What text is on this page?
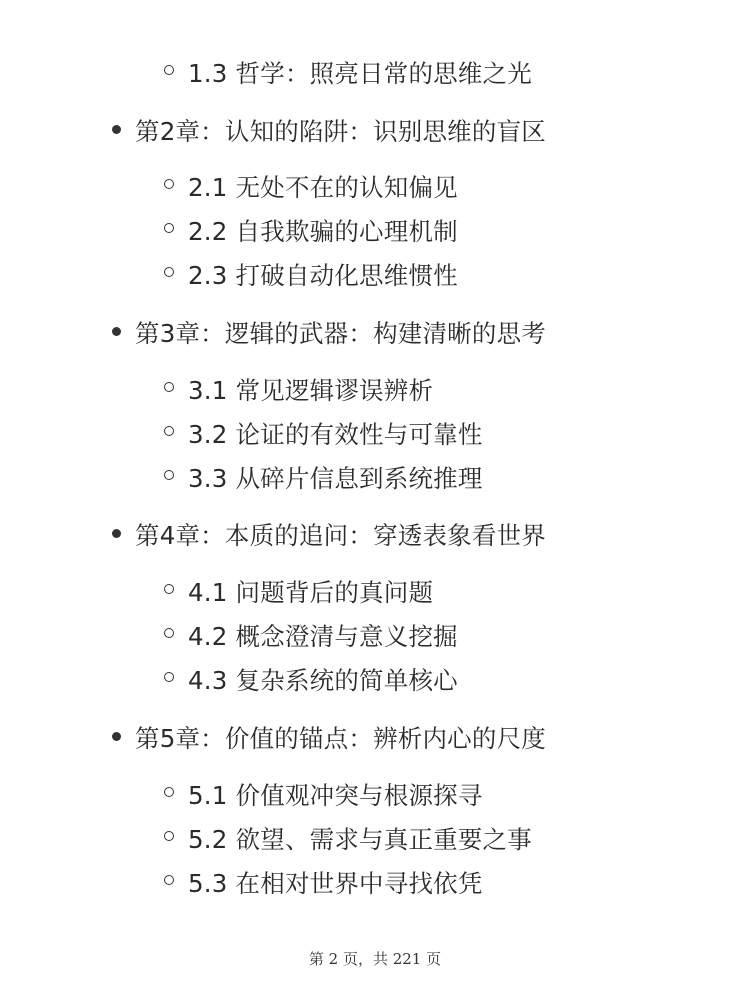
1.3 哲学：照亮日常的思维之光
第2章：认知的陷阱：识别思维的盲区
2.1 无处不在的认知偏见
2.2 自我欺骗的心理机制
2.3 打破自动化思维惯性
第3章：逻辑的武器：构建清晰的思考
3.1 常见逻辑谬误辨析
3.2 论证的有效性与可靠性
3.3 从碎片信息到系统推理
第4章：本质的追问：穿透表象看世界
4.1 问题背后的真问题
4.2 概念澄清与意义挖掘
4.3 复杂系统的简单核心
第5章：价值的锚点：辨析内心的尺度
5.1 价值观冲突与根源探寻
5.2 欲望、需求与真正重要之事
5.3 在相对世界中寻找依凭
第 2 页，共 221 页
